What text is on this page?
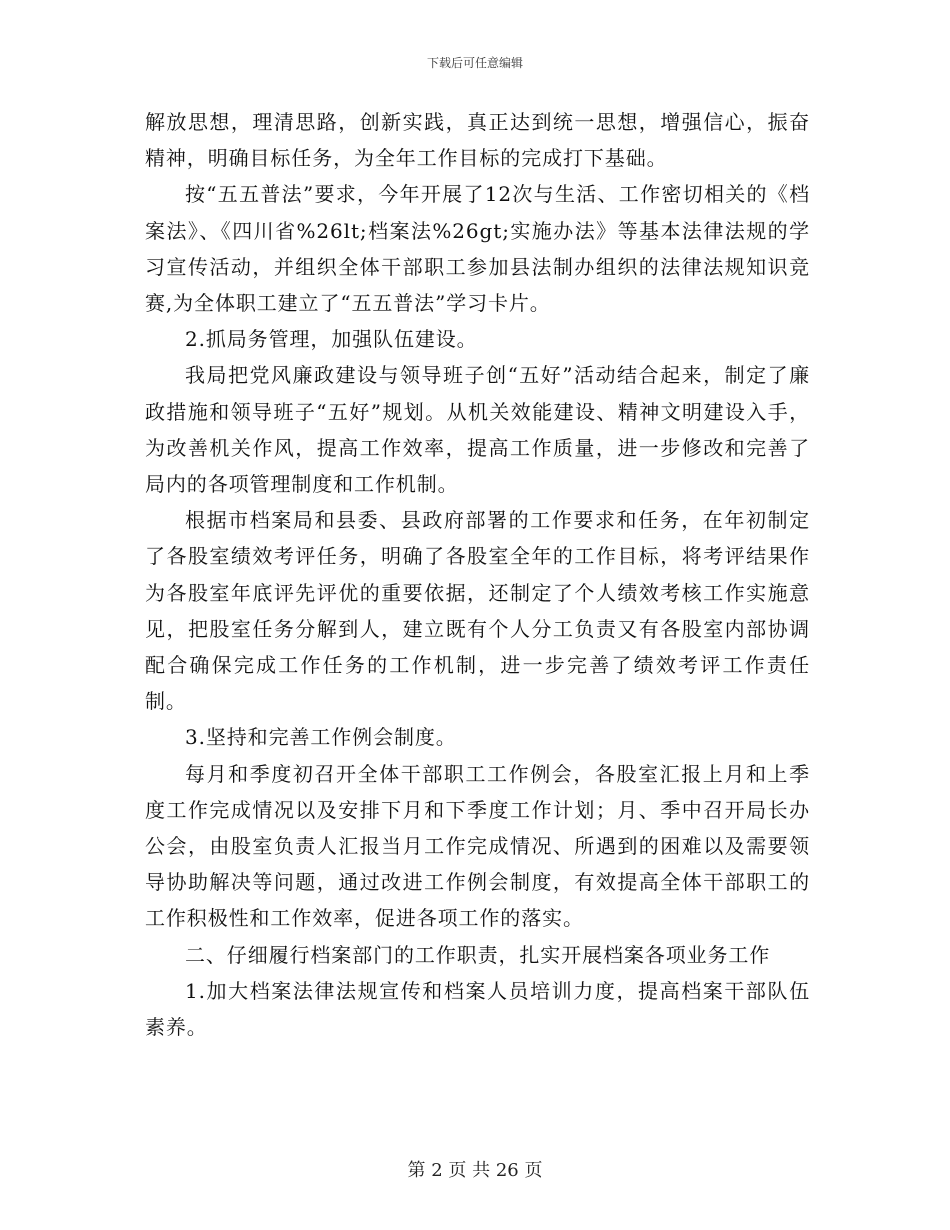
下载后可任意编辑

解放思想，理清思路，创新实践，真正达到统一思想，增强信心，振奋精神，明确目标任务，为全年工作目标的完成打下基础。

按“五五普法”要求，今年开展了12次与生活、工作密切相关的《档案法》、《四川省%26lt;档案法%26gt;实施办法》等基本法律法规的学习宣传活动，并组织全体干部职工参加县法制办组织的法律法规知识竞赛,为全体职工建立了“五五普法”学习卡片。

2.抓局务管理，加强队伍建设。

我局把党风廉政建设与领导班子创“五好”活动结合起来，制定了廉政措施和领导班子“五好”规划。从机关效能建设、精神文明建设入手，为改善机关作风，提高工作效率，提高工作质量，进一步修改和完善了局内的各项管理制度和工作机制。

根据市档案局和县委、县政府部署的工作要求和任务，在年初制定了各股室绩效考评任务，明确了各股室全年的工作目标，将考评结果作为各股室年底评先评优的重要依据，还制定了个人绩效考核工作实施意见，把股室任务分解到人，建立既有个人分工负责又有各股室内部协调配合确保完成工作任务的工作机制，进一步完善了绩效考评工作责任制。

3.坚持和完善工作例会制度。

每月和季度初召开全体干部职工工作例会，各股室汇报上月和上季度工作完成情况以及安排下月和下季度工作计划；月、季中召开局长办公会，由股室负责人汇报当月工作完成情况、所遇到的困难以及需要领导协助解决等问题，通过改进工作例会制度，有效提高全体干部职工的工作积极性和工作效率，促进各项工作的落实。

二、仔细履行档案部门的工作职责，扎实开展档案各项业务工作

1.加大档案法律法规宣传和档案人员培训力度，提高档案干部队伍素养。

第 2 页 共 26 页
